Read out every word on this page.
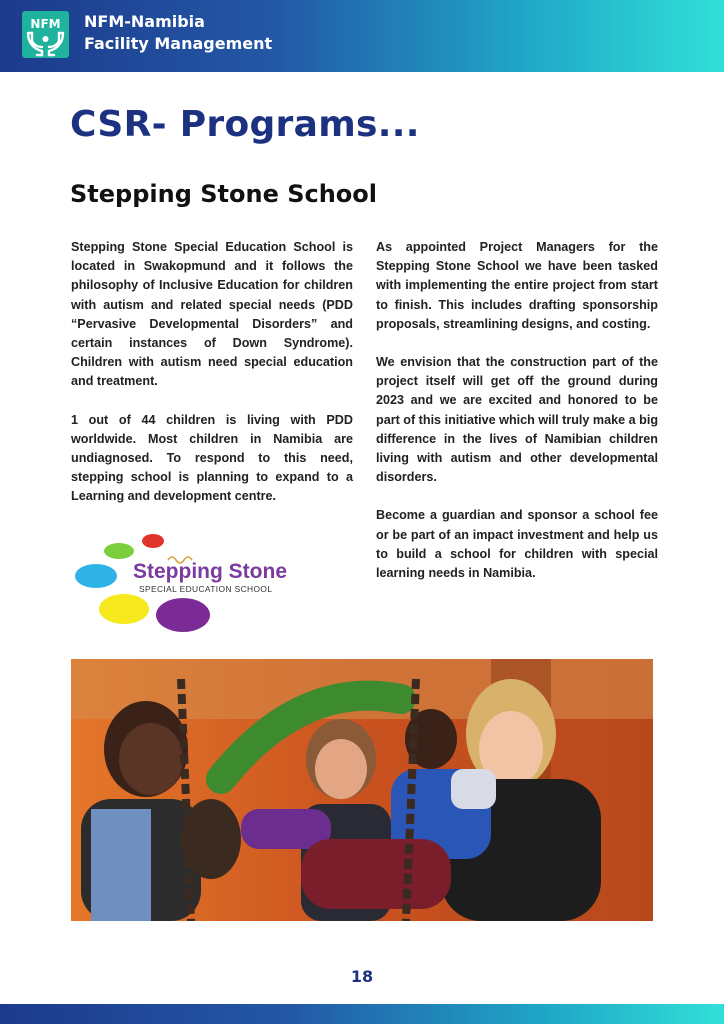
NFM NFM-Namibia
Facility Management
CSR- Programs...
Stepping Stone School

Stepping Stone Special Education School is located in Swakopmund and it follows the philosophy of Inclusive Education for children with autism and related special needs (PDD “Pervasive Developmental Disorders” and certain instances of Down Syndrome). Children with autism need special education and treatment.

1 out of 44 children is living with PDD worldwide. Most children in Namibia are undiagnosed. To respond to this need, stepping school is planning to expand to a Learning and development centre.

As appointed Project Managers for the Stepping Stone School we have been tasked with implementing the entire project from start to finish. This includes drafting sponsorship proposals, streamlining designs, and costing.

We envision that the construction part of the project itself will get off the ground during 2023 and we are excited and honored to be part of this initiative which will truly make a big difference in the lives of Namibian children living with autism and other developmental disorders.

Become a guardian and sponsor a school fee or be part of an impact investment and help us to build a school for children with special learning needs in Namibia.

Stepping Stone
SPECIAL EDUCATION SCHOOL
18
